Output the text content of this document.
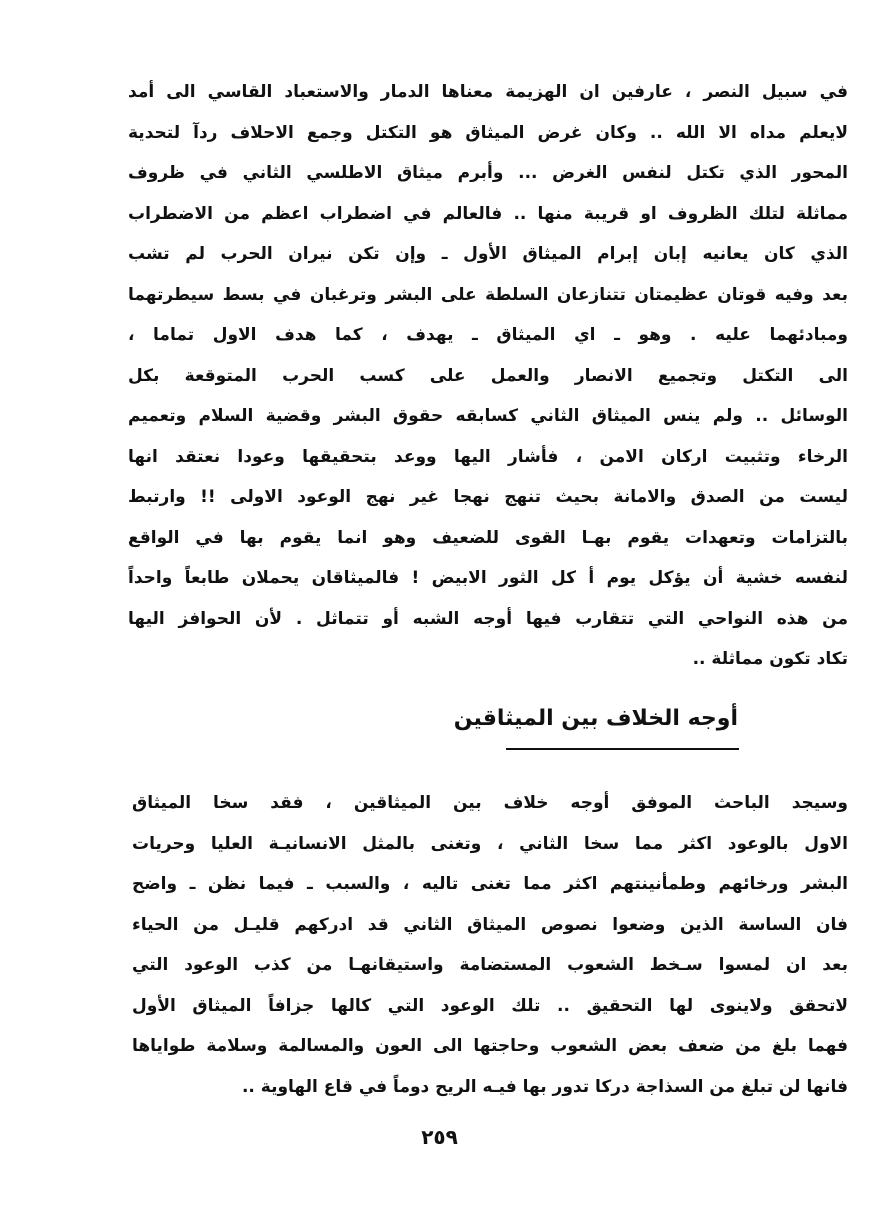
في سبيل النصر ، عارفين ان الهزيمة معناها الدمار والاستعباد القاسي الى أمد
لايعلم مداه الا الله .. وكان غرض الميثاق هو التكتل وجمع الاحلاف ردآ لتحدية
المحور الذي تكتل لنفس الغرض ... وأبرم ميثاق الاطلسي الثاني في ظروف
مماثلة لتلك الظروف او قريبة منها .. فالعالم في اضطراب اعظم من الاضطراب
الذي كان يعانيه إبان إبرام الميثاق الأول ـ وإن تكن نيران الحرب لم تشب
بعد وفيه قوتان عظيمتان تتنازعان السلطة على البشر وترغبان في بسط سيطرتهما
ومبادئهما عليه . وهو ـ اي الميثاق ـ يهدف ، كما هدف الاول تماما ،
الى التكتل وتجميع الانصار والعمل على كسب الحرب المتوقعة بكل
الوسائل .. ولم ينس الميثاق الثاني كسابقه حقوق البشر وقضية السلام وتعميم
الرخاء وتثبيت اركان الامن ، فأشار اليها ووعد بتحقيقها وعودا نعتقد انها
ليست من الصدق والامانة بحيث تنهج نهجا غير نهج الوعود الاولى !! وارتبط
بالتزامات وتعهدات يقوم بهـا القوى للضعيف وهو انما يقوم بها في الواقع
لنفسه خشية أن يؤكل يوم أ كل الثور الابيض ! فالميثاقان يحملان طابعاً واحداً
من هذه النواحي التي تتقارب فيها أوجه الشبه أو تتماثل . لأن الحوافز اليها
تكاد تكون مماثلة ..
أوجه الخلاف بين الميثاقين
وسيجد الباحث الموفق أوجه خلاف بين الميثاقين ، فقد سخا الميثاق
الاول بالوعود اكثر مما سخا الثاني ، وتغنى بالمثل الانسانيـة العليا وحريات
البشر ورخائهم وطمأنينتهم اكثر مما تغنى تاليه ، والسبب ـ فيما نظن ـ واضح
فان الساسة الذين وضعوا نصوص الميثاق الثاني قد ادركهم قليـل من الحياء
بعد ان لمسوا سـخط الشعوب المستضامة واستيقانهـا من كذب الوعود التي
لاتحقق ولاينوى لها التحقيق .. تلك الوعود التي كالها جزافاً الميثاق الأول
فهما بلغ من ضعف بعض الشعوب وحاجتها الى العون والمسالمة وسلامة طواياها
فانها لن تبلغ من السذاجة دركا تدور بها فيـه الريح دوماً في قاع الهاوية ..
٢٥٩
